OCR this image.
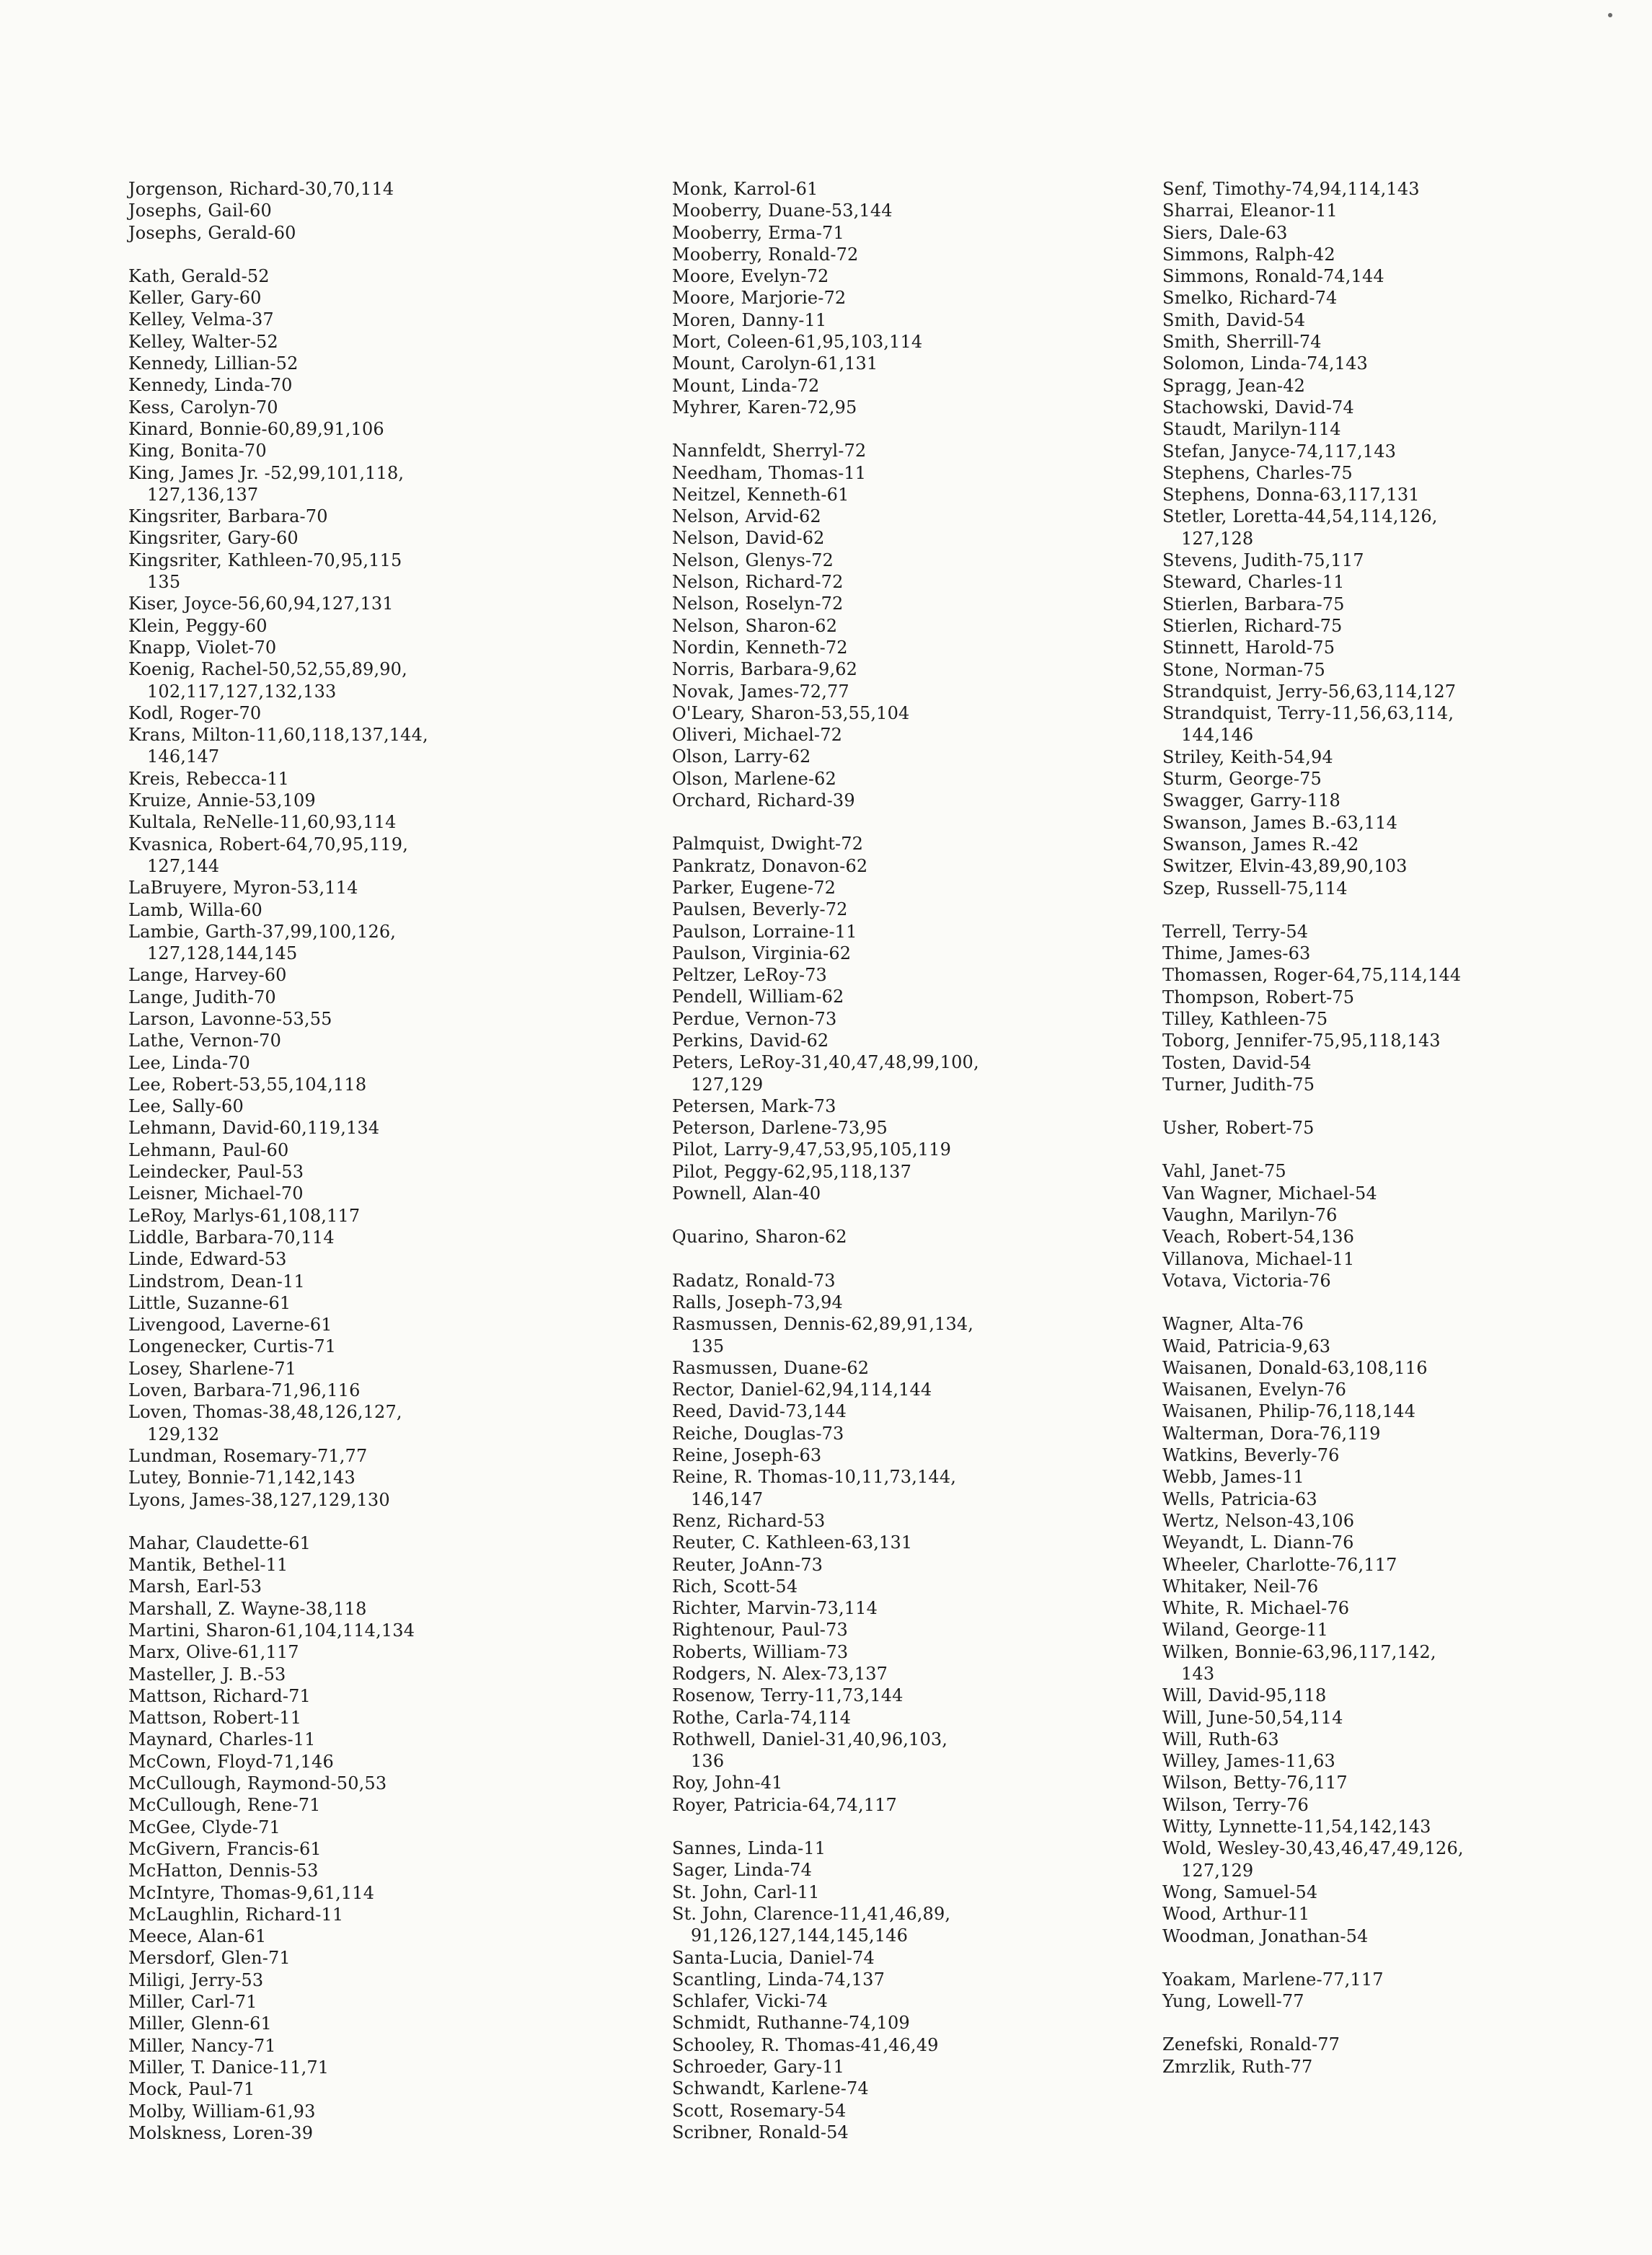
Jorgenson, Richard-30,70,114
Josephs, Gail-60
Josephs, Gerald-60
Kath, Gerald-52
Keller, Gary-60
Kelley, Velma-37
Kelley, Walter-52
Kennedy, Lillian-52
Kennedy, Linda-70
Kess, Carolyn-70
Kinard, Bonnie-60,89,91,106
King, Bonita-70
King, James Jr. -52,99,101,118,
127,136,137
Kingsriter, Barbara-70
Kingsriter, Gary-60
Kingsriter, Kathleen-70,95,115
135
Kiser, Joyce-56,60,94,127,131
Klein, Peggy-60
Knapp, Violet-70
Koenig, Rachel-50,52,55,89,90,
102,117,127,132,133
Kodl, Roger-70
Krans, Milton-11,60,118,137,144,
146,147
Kreis, Rebecca-11
Kruize, Annie-53,109
Kultala, ReNelle-11,60,93,114
Kvasnica, Robert-64,70,95,119,
127,144
LaBruyere, Myron-53,114
Lamb, Willa-60
Lambie, Garth-37,99,100,126,
127,128,144,145
Lange, Harvey-60
Lange, Judith-70
Larson, Lavonne-53,55
Lathe, Vernon-70
Lee, Linda-70
Lee, Robert-53,55,104,118
Lee, Sally-60
Lehmann, David-60,119,134
Lehmann, Paul-60
Leindecker, Paul-53
Leisner, Michael-70
LeRoy, Marlys-61,108,117
Liddle, Barbara-70,114
Linde, Edward-53
Lindstrom, Dean-11
Little, Suzanne-61
Livengood, Laverne-61
Longenecker, Curtis-71
Losey, Sharlene-71
Loven, Barbara-71,96,116
Loven, Thomas-38,48,126,127,
129,132
Lundman, Rosemary-71,77
Lutey, Bonnie-71,142,143
Lyons, James-38,127,129,130
Mahar, Claudette-61
Mantik, Bethel-11
Marsh, Earl-53
Marshall, Z. Wayne-38,118
Martini, Sharon-61,104,114,134
Marx, Olive-61,117
Masteller, J. B.-53
Mattson, Richard-71
Mattson, Robert-11
Maynard, Charles-11
McCown, Floyd-71,146
McCullough, Raymond-50,53
McCullough, Rene-71
McGee, Clyde-71
McGivern, Francis-61
McHatton, Dennis-53
McIntyre, Thomas-9,61,114
McLaughlin, Richard-11
Meece, Alan-61
Mersdorf, Glen-71
Miligi, Jerry-53
Miller, Carl-71
Miller, Glenn-61
Miller, Nancy-71
Miller, T. Danice-11,71
Mock, Paul-71
Molby, William-61,93
Molskness, Loren-39
Monk, Karrol-61
Mooberry, Duane-53,144
Mooberry, Erma-71
Mooberry, Ronald-72
Moore, Evelyn-72
Moore, Marjorie-72
Moren, Danny-11
Mort, Coleen-61,95,103,114
Mount, Carolyn-61,131
Mount, Linda-72
Myhrer, Karen-72,95
Nannfeldt, Sherryl-72
Needham, Thomas-11
Neitzel, Kenneth-61
Nelson, Arvid-62
Nelson, David-62
Nelson, Glenys-72
Nelson, Richard-72
Nelson, Roselyn-72
Nelson, Sharon-62
Nordin, Kenneth-72
Norris, Barbara-9,62
Novak, James-72,77
O'Leary, Sharon-53,55,104
Oliveri, Michael-72
Olson, Larry-62
Olson, Marlene-62
Orchard, Richard-39
Palmquist, Dwight-72
Pankratz, Donavon-62
Parker, Eugene-72
Paulsen, Beverly-72
Paulson, Lorraine-11
Paulson, Virginia-62
Peltzer, LeRoy-73
Pendell, William-62
Perdue, Vernon-73
Perkins, David-62
Peters, LeRoy-31,40,47,48,99,100,
127,129
Petersen, Mark-73
Peterson, Darlene-73,95
Pilot, Larry-9,47,53,95,105,119
Pilot, Peggy-62,95,118,137
Pownell, Alan-40
Quarino, Sharon-62
Radatz, Ronald-73
Ralls, Joseph-73,94
Rasmussen, Dennis-62,89,91,134,
135
Rasmussen, Duane-62
Rector, Daniel-62,94,114,144
Reed, David-73,144
Reiche, Douglas-73
Reine, Joseph-63
Reine, R. Thomas-10,11,73,144,
146,147
Renz, Richard-53
Reuter, C. Kathleen-63,131
Reuter, JoAnn-73
Rich, Scott-54
Richter, Marvin-73,114
Rightenour, Paul-73
Roberts, William-73
Rodgers, N. Alex-73,137
Rosenow, Terry-11,73,144
Rothe, Carla-74,114
Rothwell, Daniel-31,40,96,103,
136
Roy, John-41
Royer, Patricia-64,74,117
Sannes, Linda-11
Sager, Linda-74
St. John, Carl-11
St. John, Clarence-11,41,46,89,
91,126,127,144,145,146
Santa-Lucia, Daniel-74
Scantling, Linda-74,137
Schlafer, Vicki-74
Schmidt, Ruthanne-74,109
Schooley, R. Thomas-41,46,49
Schroeder, Gary-11
Schwandt, Karlene-74
Scott, Rosemary-54
Scribner, Ronald-54
Senf, Timothy-74,94,114,143
Sharrai, Eleanor-11
Siers, Dale-63
Simmons, Ralph-42
Simmons, Ronald-74,144
Smelko, Richard-74
Smith, David-54
Smith, Sherrill-74
Solomon, Linda-74,143
Spragg, Jean-42
Stachowski, David-74
Staudt, Marilyn-114
Stefan, Janyce-74,117,143
Stephens, Charles-75
Stephens, Donna-63,117,131
Stetler, Loretta-44,54,114,126,
127,128
Stevens, Judith-75,117
Steward, Charles-11
Stierlen, Barbara-75
Stierlen, Richard-75
Stinnett, Harold-75
Stone, Norman-75
Strandquist, Jerry-56,63,114,127
Strandquist, Terry-11,56,63,114,
144,146
Striley, Keith-54,94
Sturm, George-75
Swagger, Garry-118
Swanson, James B.-63,114
Swanson, James R.-42
Switzer, Elvin-43,89,90,103
Szep, Russell-75,114
Terrell, Terry-54
Thime, James-63
Thomassen, Roger-64,75,114,144
Thompson, Robert-75
Tilley, Kathleen-75
Toborg, Jennifer-75,95,118,143
Tosten, David-54
Turner, Judith-75
Usher, Robert-75
Vahl, Janet-75
Van Wagner, Michael-54
Vaughn, Marilyn-76
Veach, Robert-54,136
Villanova, Michael-11
Votava, Victoria-76
Wagner, Alta-76
Waid, Patricia-9,63
Waisanen, Donald-63,108,116
Waisanen, Evelyn-76
Waisanen, Philip-76,118,144
Walterman, Dora-76,119
Watkins, Beverly-76
Webb, James-11
Wells, Patricia-63
Wertz, Nelson-43,106
Weyandt, L. Diann-76
Wheeler, Charlotte-76,117
Whitaker, Neil-76
White, R. Michael-76
Wiland, George-11
Wilken, Bonnie-63,96,117,142,
143
Will, David-95,118
Will, June-50,54,114
Will, Ruth-63
Willey, James-11,63
Wilson, Betty-76,117
Wilson, Terry-76
Witty, Lynnette-11,54,142,143
Wold, Wesley-30,43,46,47,49,126,
127,129
Wong, Samuel-54
Wood, Arthur-11
Woodman, Jonathan-54
Yoakam, Marlene-77,117
Yung, Lowell-77
Zenefski, Ronald-77
Zmrzlik, Ruth-77
